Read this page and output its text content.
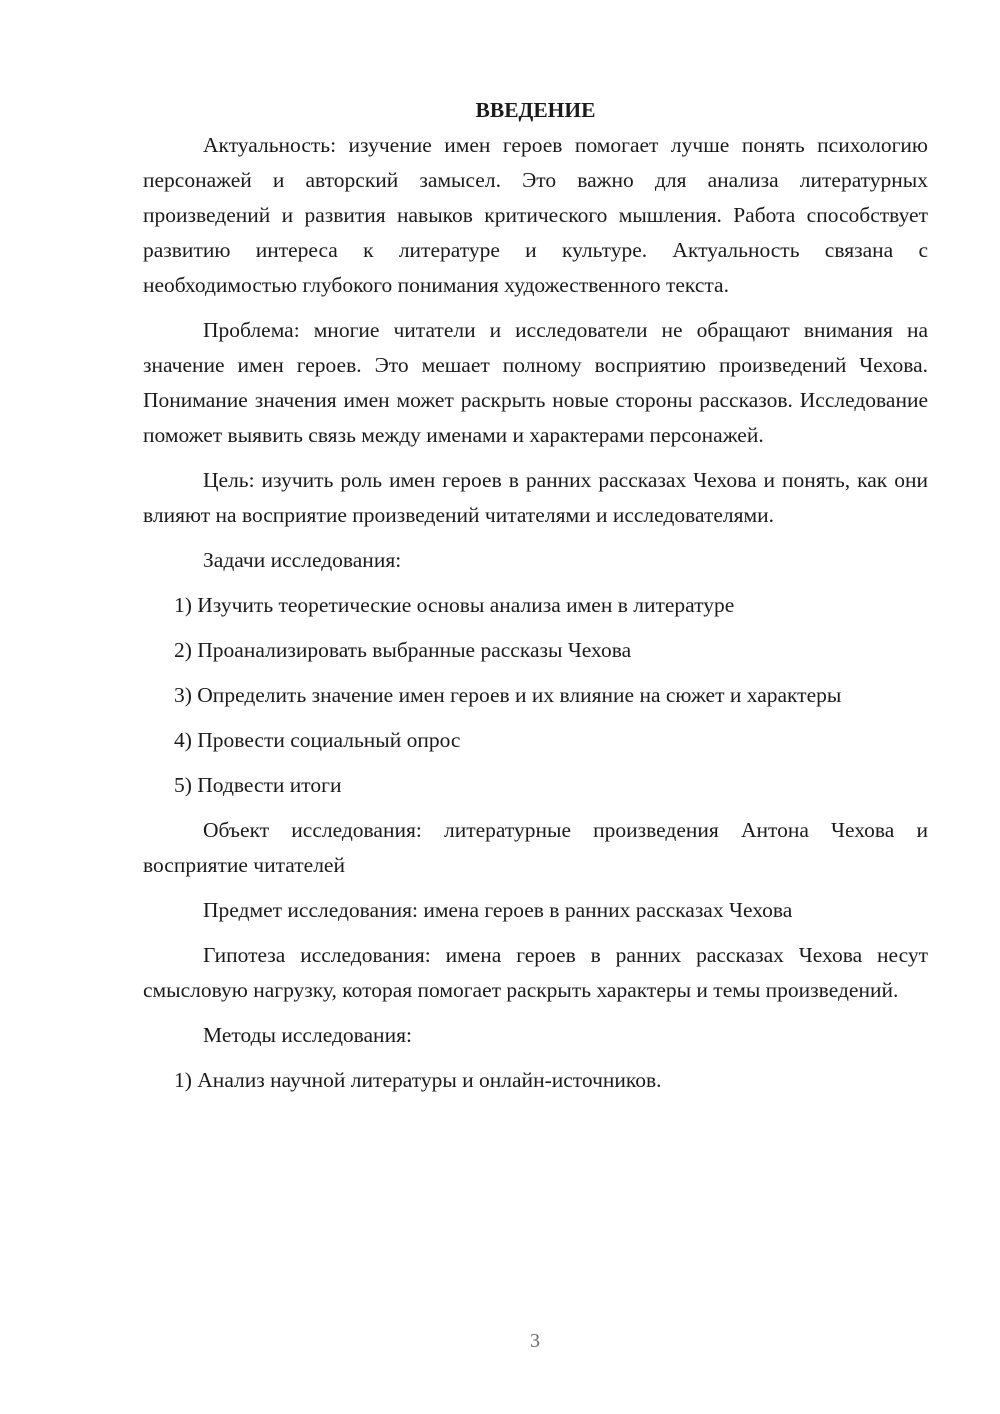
ВВЕДЕНИЕ

Актуальность: изучение имен героев помогает лучше понять психологию персонажей и авторский замысел. Это важно для анализа литературных произведений и развития навыков критического мышления. Работа способствует развитию интереса к литературе и культуре. Актуальность связана с необходимостью глубокого понимания художественного текста.

Проблема: многие читатели и исследователи не обращают внимания на значение имен героев. Это мешает полному восприятию произведений Чехова. Понимание значения имен может раскрыть новые стороны рассказов. Исследование поможет выявить связь между именами и характерами персонажей.

Цель: изучить роль имен героев в ранних рассказах Чехова и понять, как они влияют на восприятие произведений читателями и исследователями.

Задачи исследования:

1) Изучить теоретические основы анализа имен в литературе

2) Проанализировать выбранные рассказы Чехова

3) Определить значение имен героев и их влияние на сюжет и характеры

4) Провести социальный опрос

5) Подвести итоги

Объект исследования: литературные произведения Антона Чехова и восприятие читателей

Предмет исследования: имена героев в ранних рассказах Чехова

Гипотеза исследования: имена героев в ранних рассказах Чехова несут смысловую нагрузку, которая помогает раскрыть характеры и темы произведений.

Методы исследования:

1) Анализ научной литературы и онлайн-источников.

3
